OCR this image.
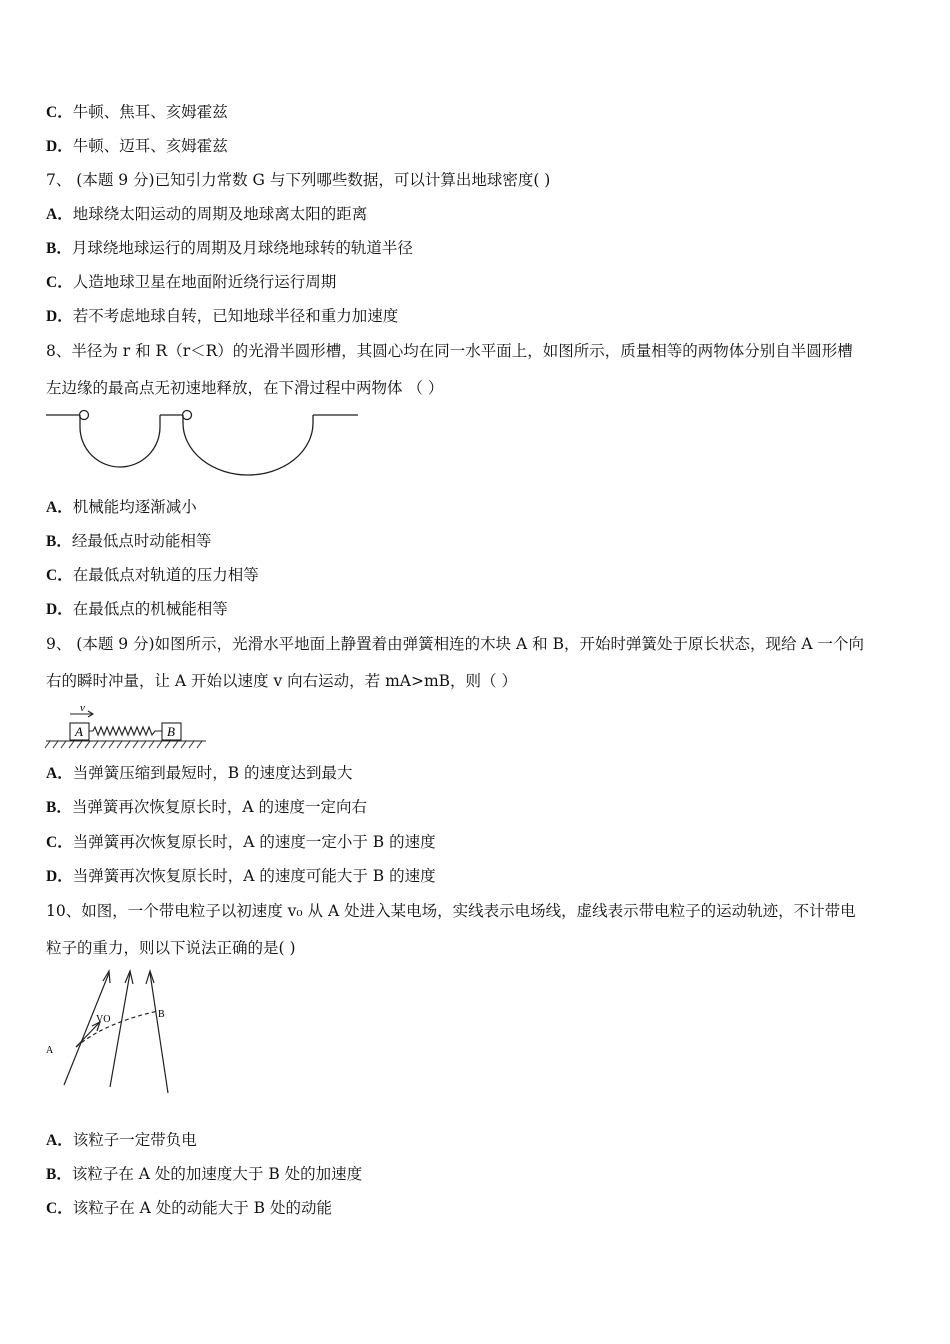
C．牛顿、焦耳、亥姆霍兹
D．牛顿、迈耳、亥姆霍兹
7、 (本题 9 分)已知引力常数 G 与下列哪些数据，可以计算出地球密度( )
A．地球绕太阳运动的周期及地球离太阳的距离
B．月球绕地球运行的周期及月球绕地球转的轨道半径
C．人造地球卫星在地面附近绕行运行周期
D．若不考虑地球自转，已知地球半径和重力加速度
8、半径为 r 和 R（r＜R）的光滑半圆形槽，其圆心均在同一水平面上，如图所示，质量相等的两物体分别自半圆形槽
左边缘的最高点无初速地释放，在下滑过程中两物体 （ ）
A．机械能均逐渐减小
B．经最低点时动能相等
C．在最低点对轨道的压力相等
D．在最低点的机械能相等
9、 (本题 9 分)如图所示，光滑水平地面上静置着由弹簧相连的木块 A 和 B，开始时弹簧处于原长状态，现给 A 一个向
右的瞬时冲量，让 A 开始以速度 v 向右运动，若 mA>mB，则（ ）
v
A	B
A．当弹簧压缩到最短时，B 的速度达到最大
B．当弹簧再次恢复原长时，A 的速度一定向右
C．当弹簧再次恢复原长时，A 的速度一定小于 B 的速度
D．当弹簧再次恢复原长时，A 的速度可能大于 B 的速度
10、如图，一个带电粒子以初速度 v₀ 从 A 处进入某电场，实线表示电场线，虚线表示带电粒子的运动轨迹，不计带电
粒子的重力，则以下说法正确的是( )
A
B
VO
A．该粒子一定带负电
B．该粒子在 A 处的加速度大于 B 处的加速度
C．该粒子在 A 处的动能大于 B 处的动能
